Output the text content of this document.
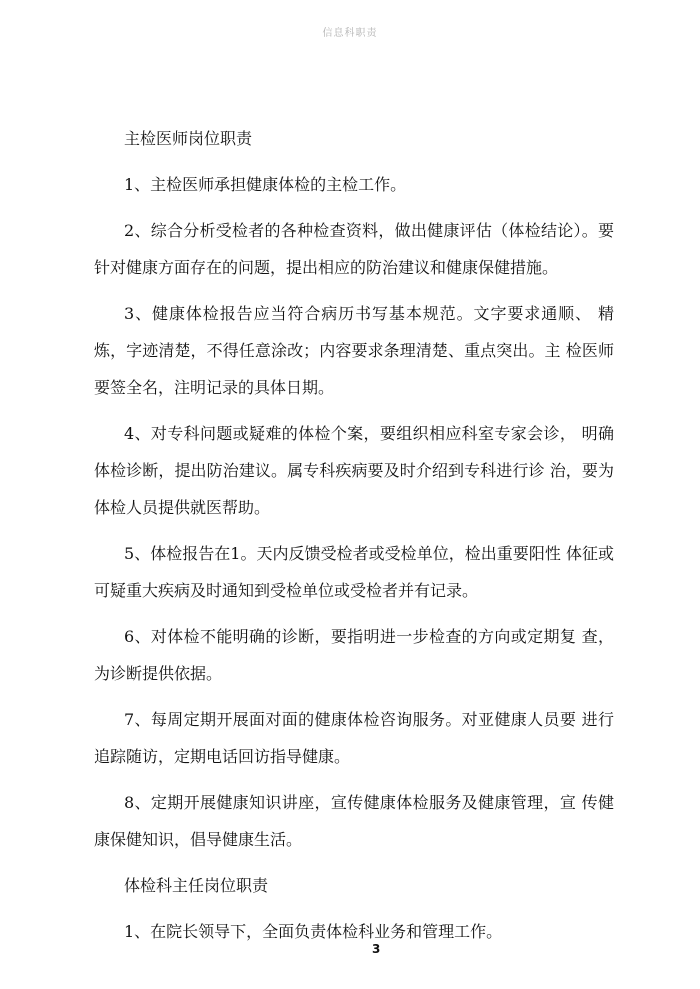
信息科职责

主检医师岗位职责

1、主检医师承担健康体检的主检工作。

2、综合分析受检者的各种检查资料，做出健康评估（体检结论）。要针对健康方面存在的问题，提出相应的防治建议和健康保健措施。

3、健康体检报告应当符合病历书写基本规范。文字要求通顺、 精炼，字迹清楚，不得任意涂改；内容要求条理清楚、重点突出。主 检医师要签全名，注明记录的具体日期。

4、对专科问题或疑难的体检个案，要组织相应科室专家会诊， 明确体检诊断，提出防治建议。属专科疾病要及时介绍到专科进行诊 治，要为体检人员提供就医帮助。

5、体检报告在1。天内反馈受检者或受检单位，检出重要阳性 体征或可疑重大疾病及时通知到受检单位或受检者并有记录。

6、对体检不能明确的诊断，要指明进一步检查的方向或定期复 查，为诊断提供依据。

7、每周定期开展面对面的健康体检咨询服务。对亚健康人员要 进行追踪随访，定期电话回访指导健康。

8、定期开展健康知识讲座，宣传健康体检服务及健康管理，宣 传健康保健知识，倡导健康生活。

体检科主任岗位职责

1、在院长领导下，全面负责体检科业务和管理工作。

3
